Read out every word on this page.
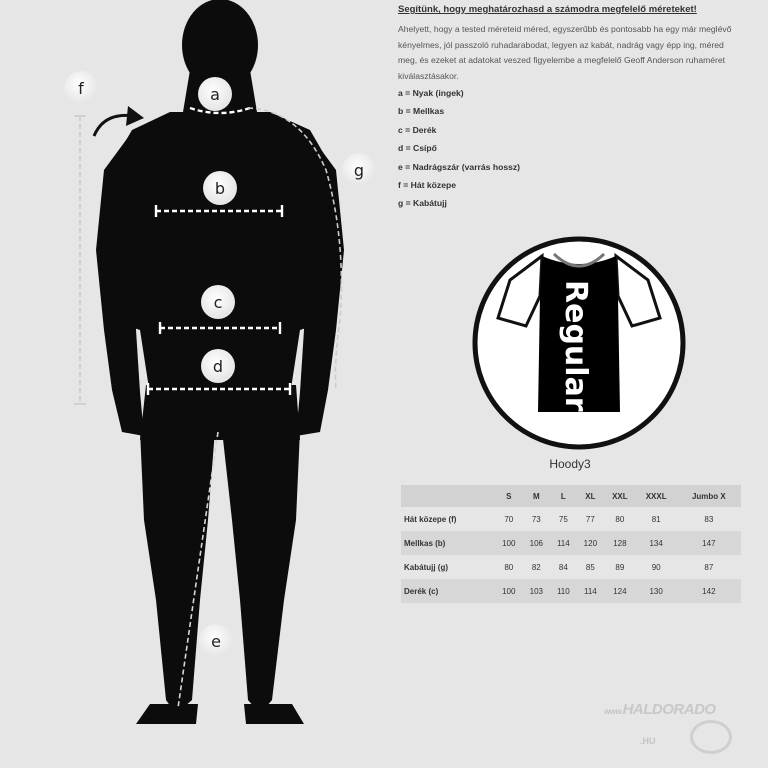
a
b
c
d
e
f
g
Segítünk, hogy meghatározhasd a számodra megfelelő méreteket!
Ahelyett, hogy a tested méreteid méred, egyszerűbb és pontosabb ha egy már meglévő kényelmes, jól passzoló ruhadarabodat, legyen az kabát, nadrág vagy épp ing, méred meg, és ezeket at adatokat veszed figyelembe a megfelelő Geoff Anderson ruhaméret kiválasztásakor.
a = Nyak (ingek)
b = Mellkas
c = Derék
d = Csípő
e = Nadrágszár (varrás hossz)
f = Hát közepe
g = Kabátujj
Regular
Hoody3
	S	M	L	XL	XXL	XXXL	Jumbo X
Hát közepe (f)	70	73	75	77	80	81	83
Mellkas (b)	100	106	114	120	128	134	147
Kabátujj (g)	80	82	84	85	89	90	87
Derék (c)	100	103	110	114	124	130	142
www.HALDORADO
.HU
